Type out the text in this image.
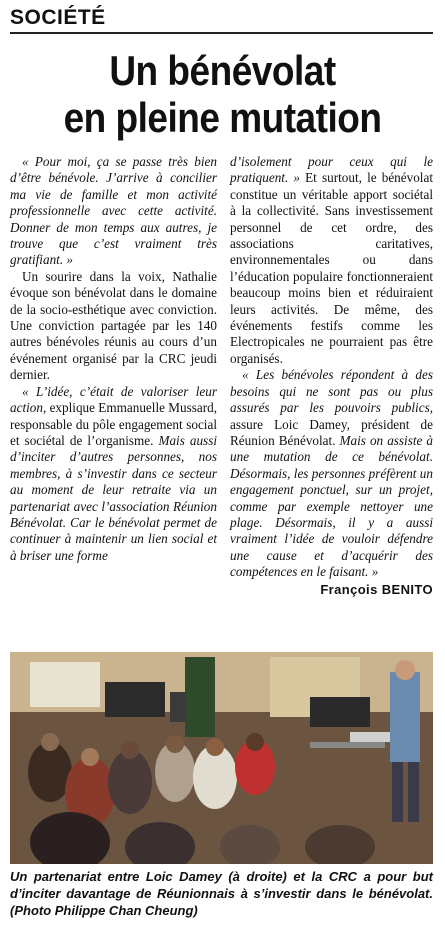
SOCIÉTÉ
Un bénévolat
en pleine mutation

« Pour moi, ça se passe très bien d’être bénévole. J’arrive à concilier ma vie de famille et mon activité professionnelle avec cette activité. Donner de mon temps aux autres, je trouve que c’est vraiment très gratifiant. »

Un sourire dans la voix, Nathalie évoque son bénévolat dans le domaine de la socio-esthétique avec conviction. Une conviction partagée par les 140 autres bénévoles réunis au cours d’un événement organisé par la CRC jeudi dernier.

« L’idée, c’était de valoriser leur action, explique Emmanuelle Mussard, responsable du pôle engagement social et sociétal de l’organisme. Mais aussi d’inciter d’autres personnes, nos membres, à s’investir dans ce secteur au moment de leur retraite via un partenariat avec l’association Réunion Bénévolat. Car le bénévolat permet de continuer à maintenir un lien social et à briser une forme

d’isolement pour ceux qui le pratiquent. » Et surtout, le bénévolat constitue un véritable apport sociétal à la collectivité. Sans investissement personnel de cet ordre, des associations caritatives, environnementales ou dans l’éducation populaire fonctionneraient beaucoup moins bien et réduiraient leurs activités. De même, des événements festifs comme les Electropicales ne pourraient pas être organisés.

« Les bénévoles répondent à des besoins qui ne sont pas ou plus assurés par les pouvoirs publics, assure Loic Damey, président de Réunion Bénévolat. Mais on assiste à une mutation de ce bénévolat. Désormais, les personnes préfèrent un engagement ponctuel, sur un projet, comme par exemple nettoyer une plage. Désormais, il y a aussi vraiment l’idée de vouloir défendre une cause et d’acquérir des compétences en le faisant. »

François BENITO
Un partenariat entre Loic Damey (à droite) et la CRC a pour but d’inciter davantage de Réunionnais à s’investir dans le bénévolat. (Photo Philippe Chan Cheung)
